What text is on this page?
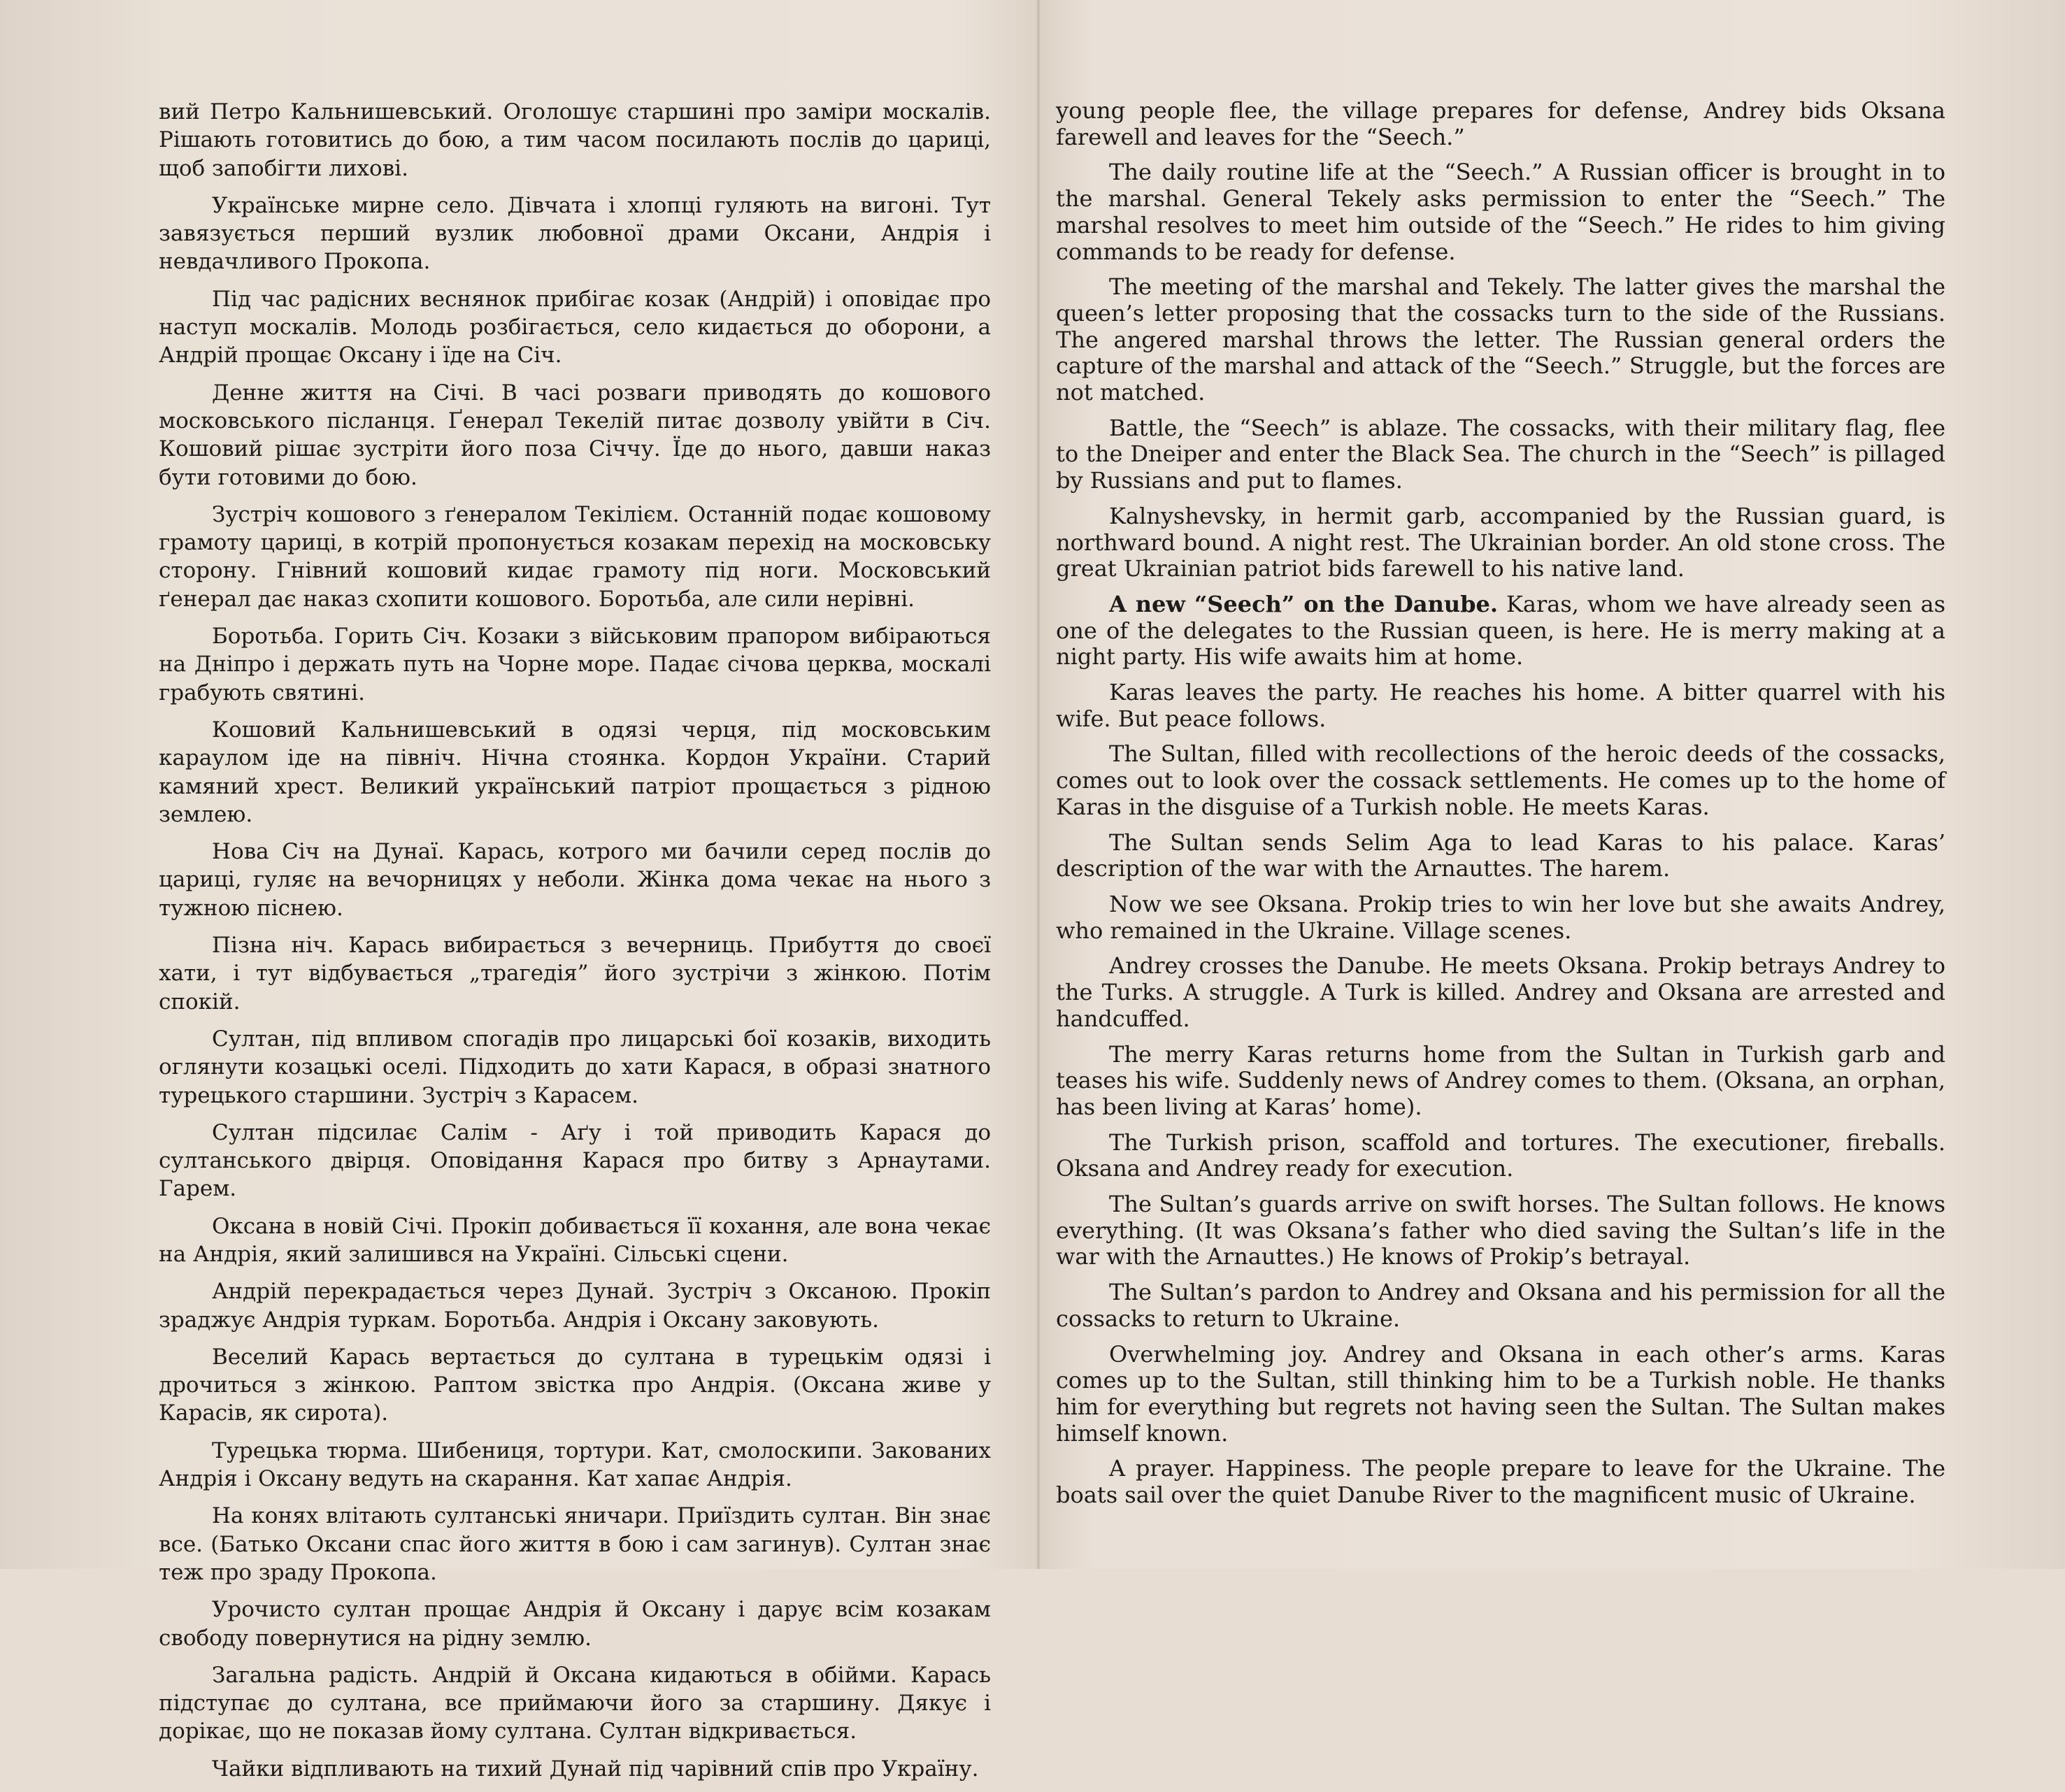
вий Петро Кальнишевський. Оголошує старшині про заміри москалів. Рішають готовитись до бою, а тим часом посилають послів до цариці, щоб запобігти лихові.

Українське мирне село. Дівчата і хлопці гуляють на вигоні. Тут завязується перший вузлик любовної драми Оксани, Андрія і невдачливого Прокопа.

Під час радісних веснянок прибігає козак (Андрій) і оповідає про наступ москалів. Молодь розбігається, село кидається до оборони, а Андрій прощає Оксану і їде на Січ.

Денне життя на Січі. В часі розваги приводять до кошового московського післанця. Ґенерал Текелій питає дозволу увійти в Січ. Кошовий рішає зустріти його поза Січчу. Їде до нього, давши наказ бути готовими до бою.

Зустріч кошового з ґенералом Текілієм. Останній подає кошовому грамоту цариці, в котрій пропонується козакам перехід на московську сторону. Гнівний кошовий кидає грамоту під ноги. Московський ґенерал дає наказ схопити кошового. Боротьба, але сили нерівні.

Боротьба. Горить Січ. Козаки з військовим прапором вибіраються на Дніпро і держать путь на Чорне море. Падає січова церква, москалі грабують святині.

Кошовий Кальнишевський в одязі черця, під московським караулом іде на північ. Нічна стоянка. Кордон України. Старий камяний хрест. Великий український патріот прощається з рідною землею.

Нова Січ на Дунаї. Карась, котрого ми бачили серед послів до цариці, гуляє на вечорницях у неболи. Жінка дома чекає на нього з тужною піснею.

Пізна ніч. Карась вибирається з вечерниць. Прибуття до своєї хати, і тут відбувається „трагедія” його зустрічи з жінкою. Потім спокій.

Султан, під впливом спогадів про лицарські бої козаків, виходить оглянути козацькі оселі. Підходить до хати Карася, в образі знатного турецького старшини. Зустріч з Карасем.

Султан підсилає Салім - Аґу і той приводить Карася до султанського двірця. Оповідання Карася про битву з Арнаутами. Гарем.

Оксана в новій Січі. Прокіп добивається її кохання, але вона чекає на Андрія, який залишився на Україні. Сільські сцени.

Андрій перекрадається через Дунай. Зустріч з Оксаною. Прокіп зраджує Андрія туркам. Боротьба. Андрія і Оксану заковують.

Веселий Карась вертається до султана в турецькім одязі і дрочиться з жінкою. Раптом звістка про Андрія. (Оксана живе у Карасів, як сирота).

Турецька тюрма. Шибениця, тортури. Кат, смолоскипи. Закованих Андрія і Оксану ведуть на скарання. Кат хапає Андрія.

На конях влітають султанські яничари. Приїздить султан. Він знає все. (Батько Оксани спас його життя в бою і сам загинув). Султан знає теж про зраду Прокопа.

Урочисто султан прощає Андрія й Оксану і дарує всім козакам свободу повернутися на рідну землю.

Загальна радість. Андрій й Оксана кидаються в обійми. Карась підступає до султана, все приймаючи його за старшину. Дякує і дорікає, що не показав йому султана. Султан відкривається.

Чайки відпливають на тихий Дунай під чарівний спів про Україну.

young people flee, the village prepares for defense, Andrey bids Oksana farewell and leaves for the “Seech.”

The daily routine life at the “Seech.” A Russian officer is brought in to the marshal. General Tekely asks permission to enter the “Seech.” The marshal resolves to meet him outside of the “Seech.” He rides to him giving commands to be ready for defense.

The meeting of the marshal and Tekely. The latter gives the marshal the queen’s letter proposing that the cossacks turn to the side of the Russians. The angered marshal throws the letter. The Russian general orders the capture of the marshal and attack of the “Seech.” Struggle, but the forces are not matched.

Battle, the “Seech” is ablaze. The cossacks, with their military flag, flee to the Dneiper and enter the Black Sea. The church in the “Seech” is pillaged by Russians and put to flames.

Kalnyshevsky, in hermit garb, accompanied by the Russian guard, is northward bound. A night rest. The Ukrainian border. An old stone cross. The great Ukrainian patriot bids farewell to his native land.

A new “Seech” on the Danube. Karas, whom we have already seen as one of the delegates to the Russian queen, is here. He is merry making at a night party. His wife awaits him at home.

Karas leaves the party. He reaches his home. A bitter quarrel with his wife. But peace follows.

The Sultan, filled with recollections of the heroic deeds of the cossacks, comes out to look over the cossack settlements. He comes up to the home of Karas in the disguise of a Turkish noble. He meets Karas.

The Sultan sends Selim Aga to lead Karas to his palace. Karas’ description of the war with the Arnauttes. The harem.

Now we see Oksana. Prokip tries to win her love but she awaits Andrey, who remained in the Ukraine. Village scenes.

Andrey crosses the Danube. He meets Oksana. Prokip betrays Andrey to the Turks. A struggle. A Turk is killed. Andrey and Oksana are arrested and handcuffed.

The merry Karas returns home from the Sultan in Turkish garb and teases his wife. Suddenly news of Andrey comes to them. (Oksana, an orphan, has been living at Karas’ home).

The Turkish prison, scaffold and tortures. The executioner, fireballs. Oksana and Andrey ready for execution.

The Sultan’s guards arrive on swift horses. The Sultan follows. He knows everything. (It was Oksana’s father who died saving the Sultan’s life in the war with the Arnauttes.) He knows of Prokip’s betrayal.

The Sultan’s pardon to Andrey and Oksana and his permission for all the cossacks to return to Ukraine.

Overwhelming joy. Andrey and Oksana in each other’s arms. Karas comes up to the Sultan, still thinking him to be a Turkish noble. He thanks him for everything but regrets not having seen the Sultan. The Sultan makes himself known.

A prayer. Happiness. The people prepare to leave for the Ukraine. The boats sail over the quiet Danube River to the magnificent music of Ukraine.
